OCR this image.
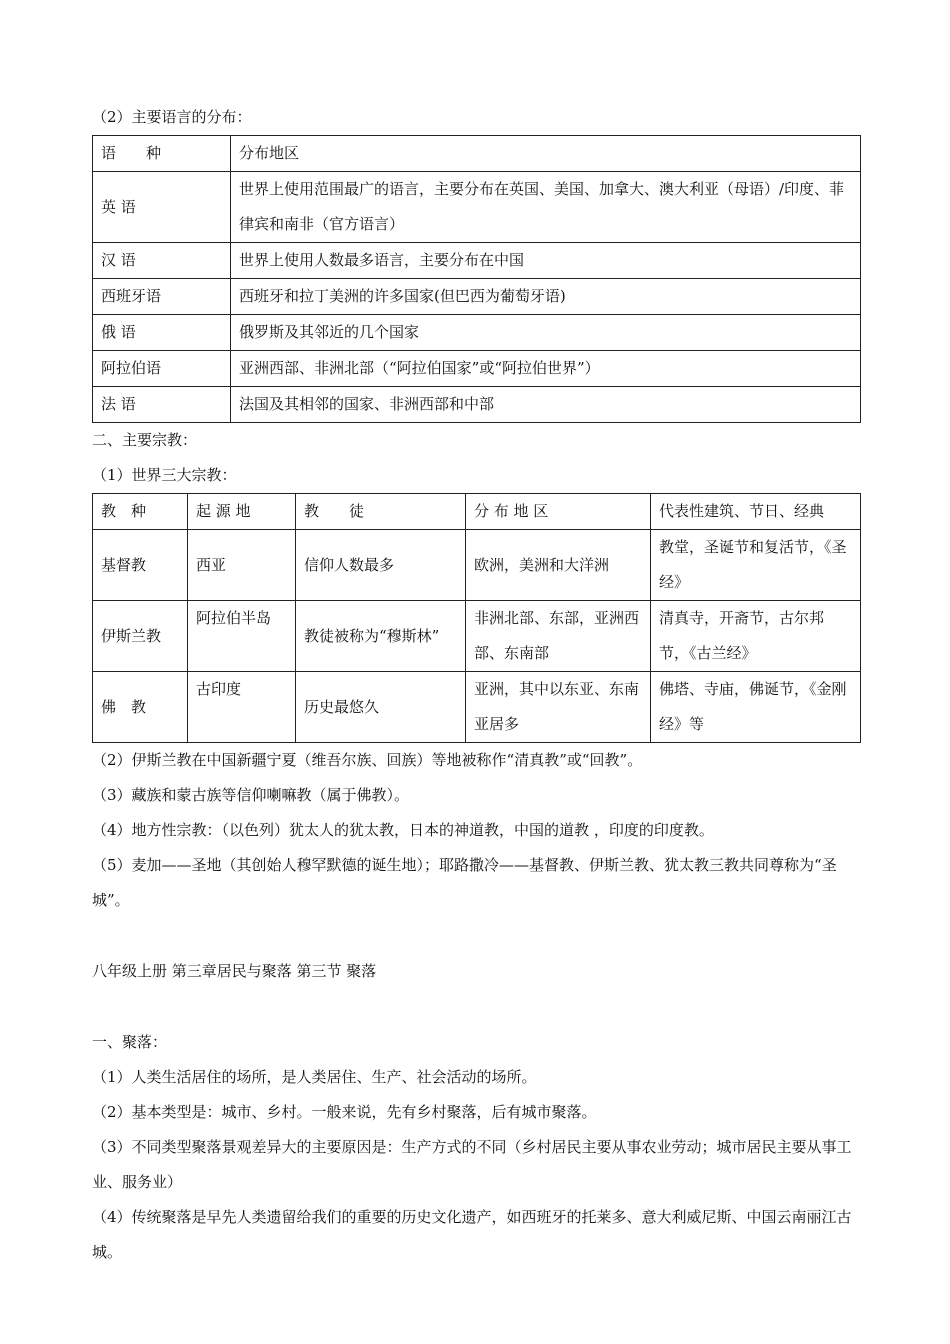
（2）主要语言的分布：
语　　种	分布地区
英 语	世界上使用范围最广的语言，主要分布在英国、美国、加拿大、澳大利亚（母语）/印度、菲律宾和南非（官方语言）
汉 语	世界上使用人数最多语言，主要分布在中国
西班牙语	西班牙和拉丁美洲的许多国家(但巴西为葡萄牙语)
俄 语	俄罗斯及其邻近的几个国家
阿拉伯语	亚洲西部、非洲北部（“阿拉伯国家”或“阿拉伯世界”）
法 语	法国及其相邻的国家、非洲西部和中部
二、主要宗教：
（1）世界三大宗教：
教　种	起 源 地	教　　徒	分 布 地 区	代表性建筑、节日、经典
基督教	西亚	信仰人数最多	欧洲，美洲和大洋洲	教堂，圣诞节和复活节，《圣经》
伊斯兰教	阿拉伯半岛	教徒被称为“穆斯林”	非洲北部、东部，亚洲西部、东南部	清真寺，开斋节，古尔邦节，《古兰经》
佛　教	古印度	历史最悠久	亚洲，其中以东亚、东南亚居多	佛塔、寺庙，佛诞节，《金刚经》等
（2）伊斯兰教在中国新疆宁夏（维吾尔族、回族）等地被称作“清真教”或“回教”。
（3）藏族和蒙古族等信仰喇嘛教（属于佛教）。
（4）地方性宗教：（以色列）犹太人的犹太教，日本的神道教，中国的道教 ，印度的印度教。
（5）麦加——圣地（其创始人穆罕默德的诞生地）；耶路撒冷——基督教、伊斯兰教、犹太教三教共同尊称为“圣城”。
八年级上册 第三章居民与聚落 第三节 聚落
一、聚落：
（1）人类生活居住的场所，是人类居住、生产、社会活动的场所。
（2）基本类型是：城市、乡村。一般来说，先有乡村聚落，后有城市聚落。
（3）不同类型聚落景观差异大的主要原因是：生产方式的不同（乡村居民主要从事农业劳动；城市居民主要从事工业、服务业）
（4）传统聚落是早先人类遗留给我们的重要的历史文化遗产，如西班牙的托莱多、意大利威尼斯、中国云南丽江古城。
